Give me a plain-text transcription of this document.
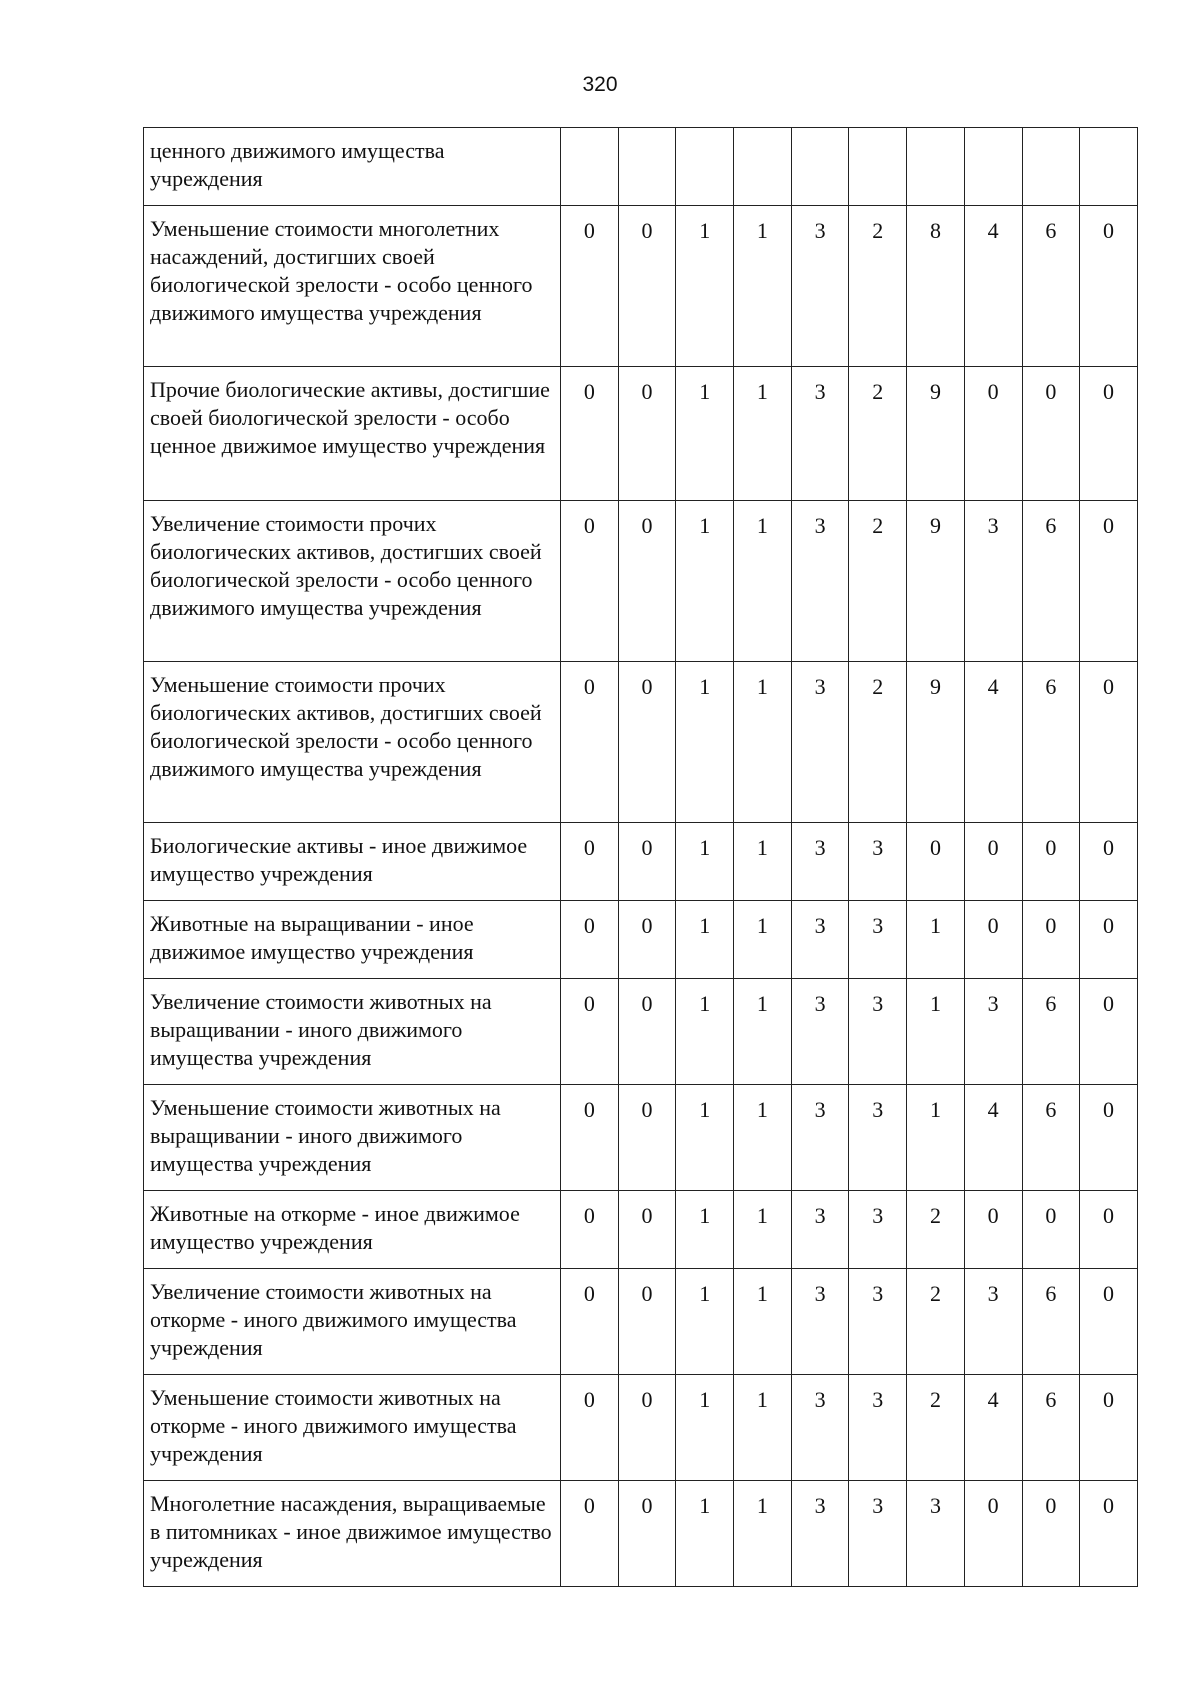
320
ценного движимого имущества учреждения										
Уменьшение стоимости многолетних насаждений, достигших своей биологической зрелости - особо ценного движимого имущества учреждения	0	0	1	1	3	2	8	4	6	0
Прочие биологические активы, достигшие своей биологической зрелости - особо ценное движимое имущество учреждения	0	0	1	1	3	2	9	0	0	0
Увеличение стоимости прочих биологических активов, достигших своей биологической зрелости - особо ценного движимого имущества учреждения	0	0	1	1	3	2	9	3	6	0
Уменьшение стоимости прочих биологических активов, достигших своей биологической зрелости - особо ценного движимого имущества учреждения	0	0	1	1	3	2	9	4	6	0
Биологические активы - иное движимое имущество учреждения	0	0	1	1	3	3	0	0	0	0
Животные на выращивании - иное движимое имущество учреждения	0	0	1	1	3	3	1	0	0	0
Увеличение стоимости животных на выращивании - иного движимого имущества учреждения	0	0	1	1	3	3	1	3	6	0
Уменьшение стоимости животных на выращивании - иного движимого имущества учреждения	0	0	1	1	3	3	1	4	6	0
Животные на откорме - иное движимое имущество учреждения	0	0	1	1	3	3	2	0	0	0
Увеличение стоимости животных на откорме - иного движимого имущества учреждения	0	0	1	1	3	3	2	3	6	0
Уменьшение стоимости животных на откорме - иного движимого имущества учреждения	0	0	1	1	3	3	2	4	6	0
Многолетние насаждения, выращиваемые в питомниках - иное движимое имущество учреждения	0	0	1	1	3	3	3	0	0	0
